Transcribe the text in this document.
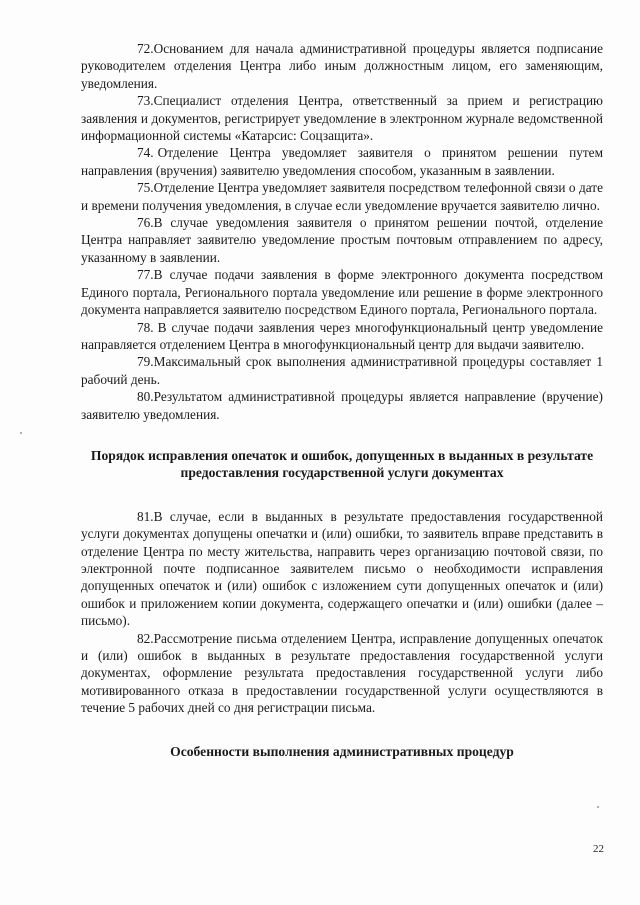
72.Основанием для начала административной процедуры является подписание руководителем отделения Центра либо иным должностным лицом, его заменяющим, уведомления.

73.Специалист отделения Центра, ответственный за прием и регистрацию заявления и документов, регистрирует уведомление в электронном журнале ведомственной информационной системы «Катарсис: Соцзащита».

74. Отделение Центра уведомляет заявителя о принятом решении путем направления (вручения) заявителю уведомления способом, указанным в заявлении.

75.Отделение Центра уведомляет заявителя посредством телефонной связи о дате и времени получения уведомления, в случае если уведомление вручается заявителю лично.

76.В случае уведомления заявителя о принятом решении почтой, отделение Центра направляет заявителю уведомление простым почтовым отправлением по адресу, указанному в заявлении.

77.В случае подачи заявления в форме электронного документа посредством Единого портала, Регионального портала уведомление или решение в форме электронного документа направляется заявителю посредством Единого портала, Регионального портала.

78. В случае подачи заявления через многофункциональный центр уведомление направляется отделением Центра в многофункциональный центр для выдачи заявителю.

79.Максимальный срок выполнения административной процедуры составляет 1 рабочий день.

80.Результатом административной процедуры является направление (вручение) заявителю уведомления.

Порядок исправления опечаток и ошибок, допущенных в выданных в результате предоставления государственной услуги документах

81.В случае, если в выданных в результате предоставления государственной услуги документах допущены опечатки и (или) ошибки, то заявитель вправе представить в отделение Центра по месту жительства, направить через организацию почтовой связи, по электронной почте подписанное заявителем письмо о необходимости исправления допущенных опечаток и (или) ошибок с изложением сути допущенных опечаток и (или) ошибок и приложением копии документа, содержащего опечатки и (или) ошибки (далее – письмо).

82.Рассмотрение письма отделением Центра, исправление допущенных опечаток и (или) ошибок в выданных в результате предоставления государственной услуги документах, оформление результата предоставления государственной услуги либо мотивированного отказа в предоставлении государственной услуги осуществляются в течение 5 рабочих дней со дня регистрации письма.

Особенности выполнения административных процедур

22
